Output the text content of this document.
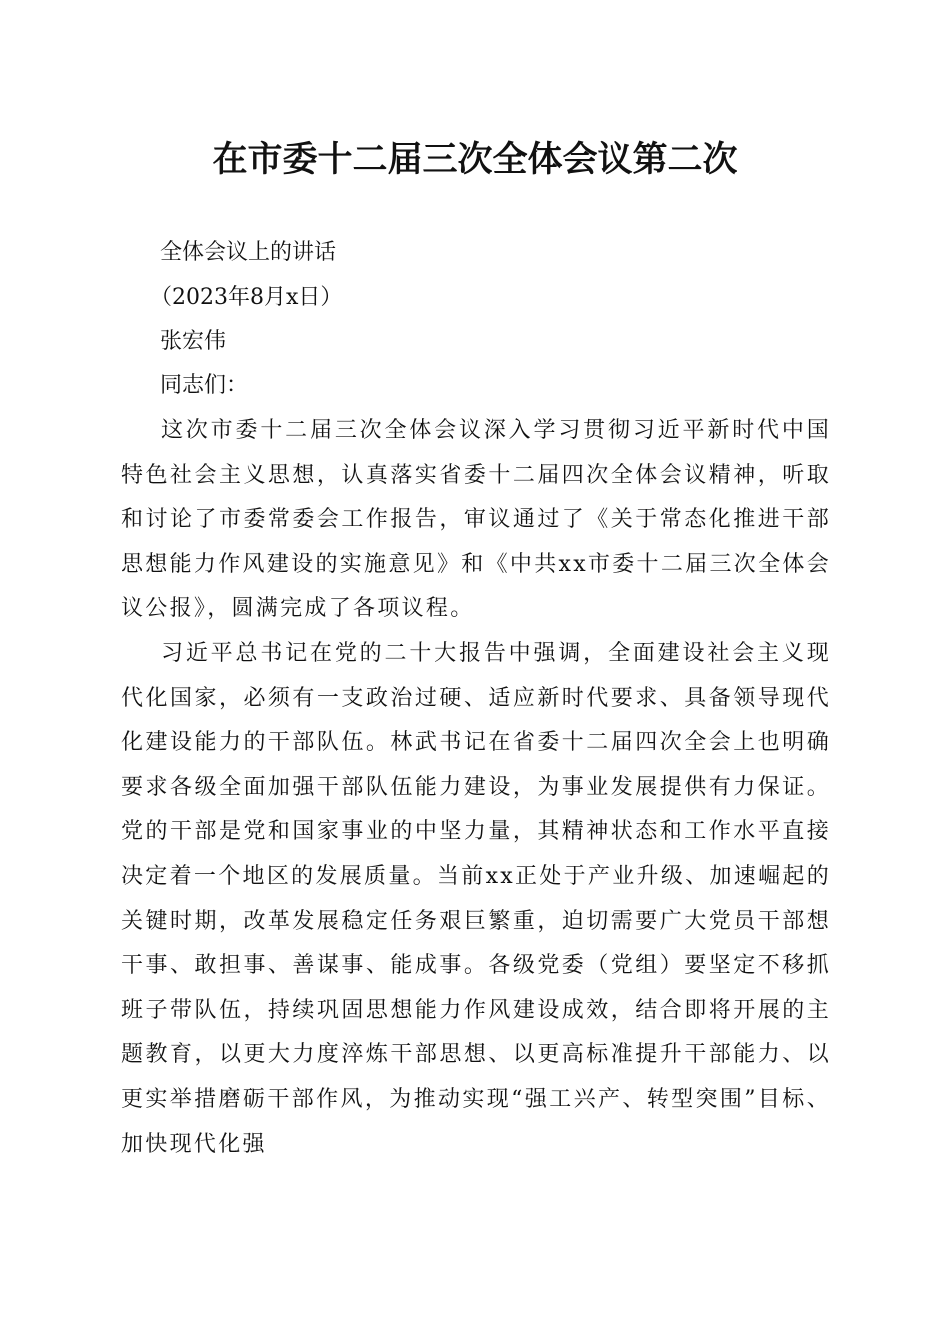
在市委十二届三次全体会议第二次

全体会议上的讲话

（2023年8月x日）

张宏伟

同志们：

这次市委十二届三次全体会议深入学习贯彻习近平新时代中国特色社会主义思想，认真落实省委十二届四次全体会议精神，听取和讨论了市委常委会工作报告，审议通过了《关于常态化推进干部思想能力作风建设的实施意见》和《中共xx市委十二届三次全体会议公报》，圆满完成了各项议程。

习近平总书记在党的二十大报告中强调，全面建设社会主义现代化国家，必须有一支政治过硬、适应新时代要求、具备领导现代化建设能力的干部队伍。林武书记在省委十二届四次全会上也明确要求各级全面加强干部队伍能力建设，为事业发展提供有力保证。党的干部是党和国家事业的中坚力量，其精神状态和工作水平直接决定着一个地区的发展质量。当前xx正处于产业升级、加速崛起的关键时期，改革发展稳定任务艰巨繁重，迫切需要广大党员干部想干事、敢担事、善谋事、能成事。各级党委（党组）要坚定不移抓班子带队伍，持续巩固思想能力作风建设成效，结合即将开展的主题教育，以更大力度淬炼干部思想、以更高标准提升干部能力、以更实举措磨砺干部作风，为推动实现“强工兴产、转型突围”目标、加快现代化强
